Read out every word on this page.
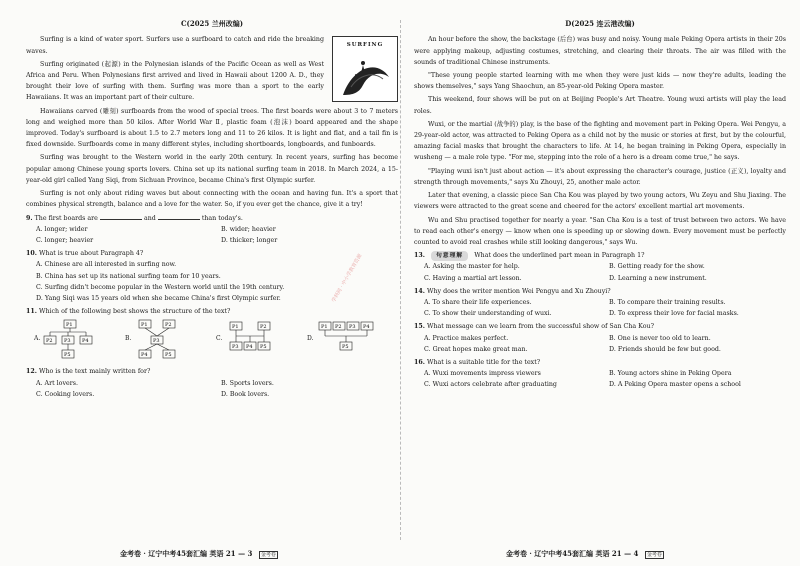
C(2025 兰州改编)
SURFING

Surfing is a kind of water sport. Surfers use a surfboard to catch and ride the breaking waves.

Surfing originated (起源) in the Polynesian islands of the Pacific Ocean as well as West Africa and Peru. When Polynesians first arrived and lived in Hawaii about 1200 A. D., they brought their love of surfing with them. Surfing was more than a sport to the early Hawaiians. It was an important part of their culture.

Hawaiians carved (雕刻) surfboards from the wood of special trees. The first boards were about 3 to 7 meters long and weighed more than 50 kilos. After World War Ⅱ, plastic foam (泡沫) board appeared and the shape improved. Today's surfboard is about 1.5 to 2.7 meters long and 11 to 26 kilos. It is light and flat, and a tail fin is fixed downside. Surfboards come in many different styles, including shortboards, longboards, and funboards.

Surfing was brought to the Western world in the early 20th century. In recent years, surfing has become popular among Chinese young sports lovers. China set up its national surfing team in 2018. In March 2024, a 15-year-old girl called Yang Siqi, from Sichuan Province, became China's first Olympic surfer.

Surfing is not only about riding waves but about connecting with the ocean and having fun. It's a sport that combines physical strength, balance and a love for the water. So, if you ever get the chance, give it a try!

9. The first boards are	and	than today's.
A. longer; wider	B. wider; heavier
C. longer; heavier	D. thicker; longer
10. What is true about Paragraph 4?
A. Chinese are all interested in surfing now.
B. China has set up its national surfing team for 10 years.
C. Surfing didn't become popular in the Western world until the 19th century.
D. Yang Siqi was 15 years old when she became China's first Olympic surfer.
11. Which of the following best shows the structure of the text?
A.
P1
P2 P3 P4
P5
B.
P1	P2
P3
P4	P5
C.
P1	P2
P3 P4 P5
D.
P1 P2 P3 P4
P5
12. Who is the text mainly written for?
A. Art lovers.	B. Sports lovers.
C. Cooking lovers.	D. Book lovers.
D(2025 连云港改编)

An hour before the show, the backstage (后台) was busy and noisy. Young male Peking Opera artists in their 20s were applying makeup, adjusting costumes, stretching, and clearing their throats. The air was filled with the sounds of traditional Chinese instruments.

"These young people started learning with me when they were just kids — now they're adults, leading the shows themselves," says Yang Shaochun, an 85-year-old Peking Opera master.

This weekend, four shows will be put on at Beijing People's Art Theatre. Young wuxi artists will play the lead roles.

Wuxi, or the martial (战争的) play, is the base of the fighting and movement part in Peking Opera. Wei Pengyu, a 29-year-old actor, was attracted to Peking Opera as a child not by the music or stories at first, but by the colourful, amazing facial masks that brought the characters to life. At 14, he began training in Peking Opera, especially in wusheng — a male role type. "For me, stepping into the role of a hero is a dream come true," he says.

"Playing wuxi isn't just about action — it's about expressing the character's courage, justice (正义), loyalty and strength through movements," says Xu Zhouyi, 25, another male actor.

Later that evening, a classic piece San Cha Kou was played by two young actors, Wu Zeyu and Shu Jiaxing. The viewers were attracted to the great scene and cheered for the actors' excellent martial art movements.

Wu and Shu practised together for nearly a year. "San Cha Kou is a test of trust between two actors. We have to read each other's energy — know when one is speeding up or slowing down. Every movement must be perfectly counted to avoid real crashes while still looking dangerous," says Wu.

13. 句意理解 What does the underlined part mean in Paragraph 1?
A. Asking the master for help.	B. Getting ready for the show.
C. Having a martial art lesson.	D. Learning a new instrument.
14. Why does the writer mention Wei Pengyu and Xu Zhouyi?
A. To share their life experiences.	B. To compare their training results.
C. To show their understanding of wuxi.	D. To express their love for facial masks.
15. What message can we learn from the successful show of San Cha Kou?
A. Practice makes perfect.	B. One is never too old to learn.
C. Great hopes make great man.	D. Friends should be few but good.
16. What is a suitable title for the text?
A. Wuxi movements impress viewers	B. Young actors shine in Peking Opera
C. Wuxi actors celebrate after graduating	D. A Peking Opera master opens a school
学科网 · 中小学教育资源
金考卷 · 辽宁中考45套汇编 英语 21 — 3 金考卷	金考卷 · 辽宁中考45套汇编 英语 21 — 4 金考卷
